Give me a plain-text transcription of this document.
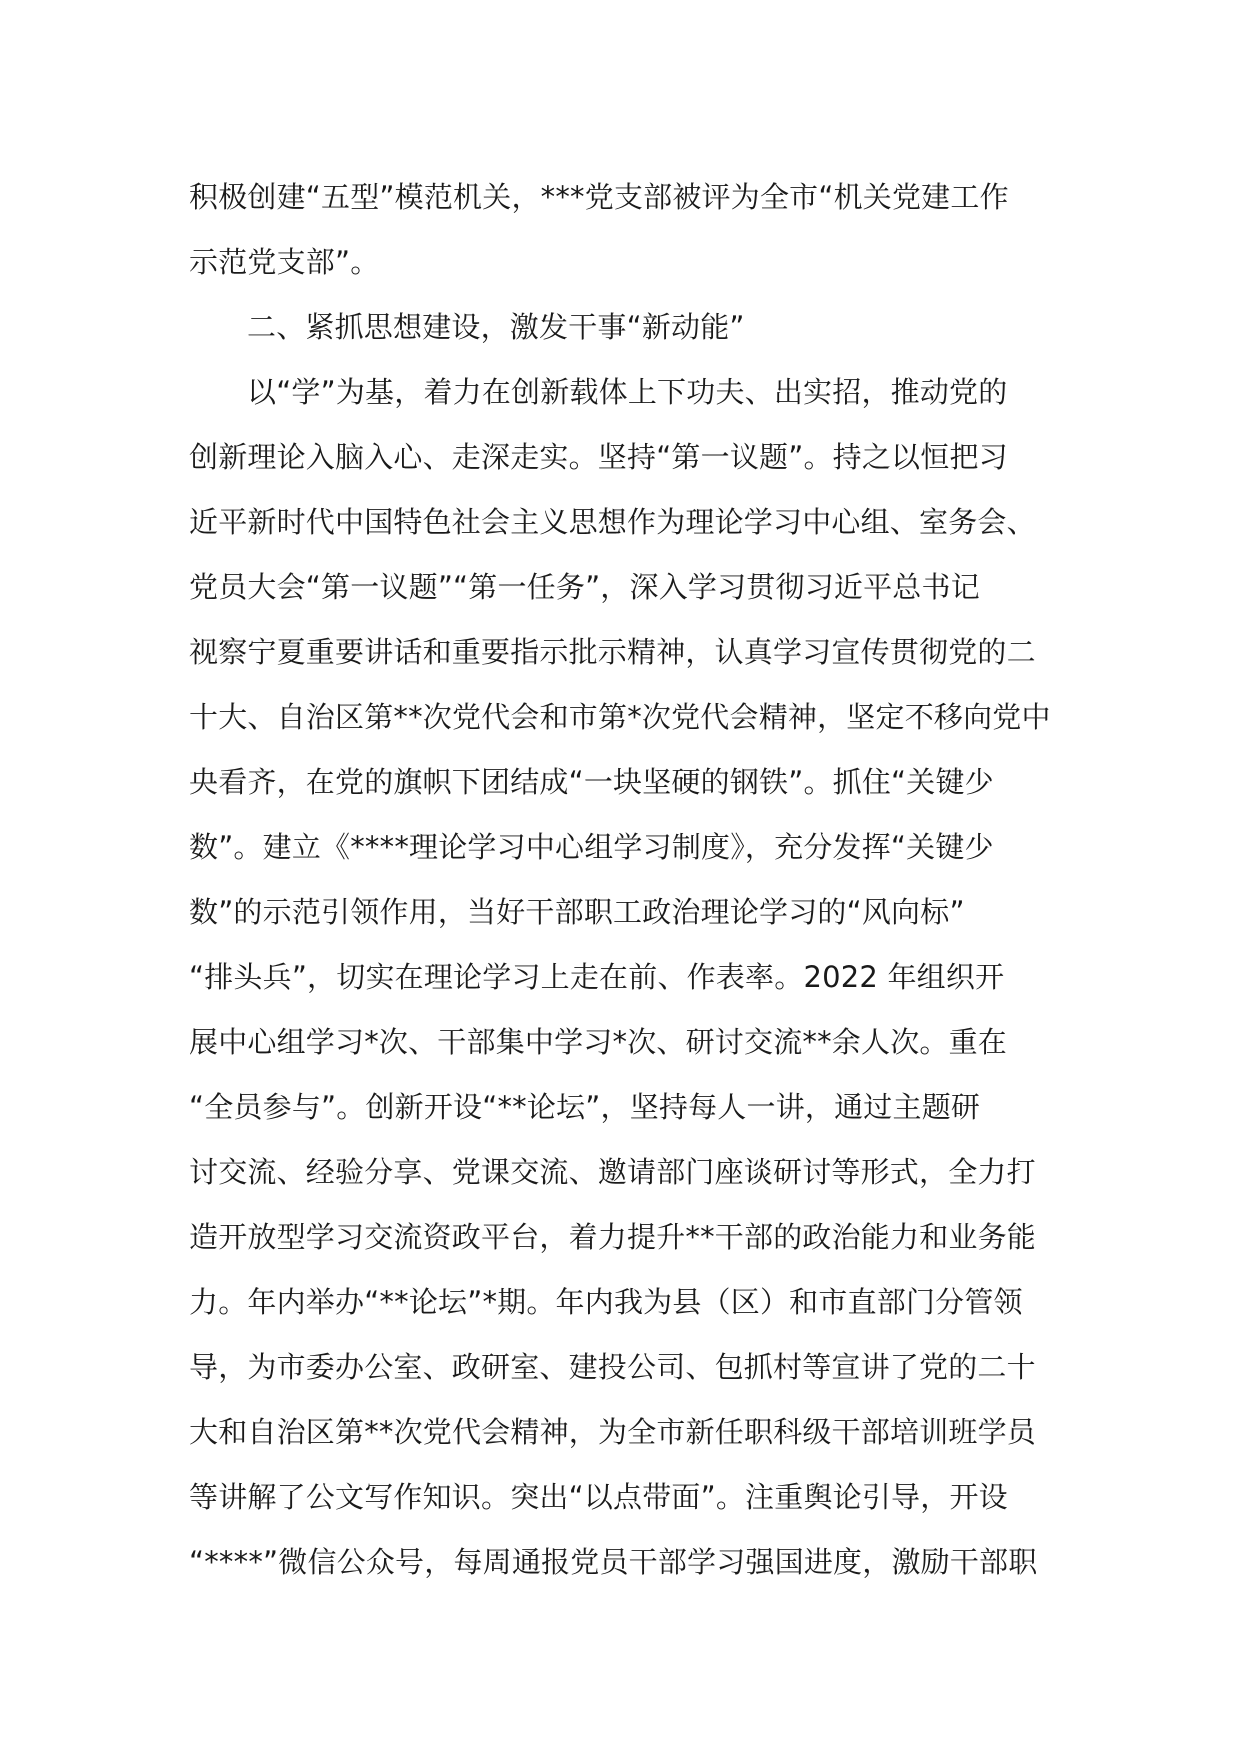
积极创建“五型”模范机关，***党支部被评为全市“机关党建工作
示范党支部”。
二、紧抓思想建设，激发干事“新动能”
以“学”为基，着力在创新载体上下功夫、出实招，推动党的
创新理论入脑入心、走深走实。坚持“第一议题”。持之以恒把习
近平新时代中国特色社会主义思想作为理论学习中心组、室务会、
党员大会“第一议题”“第一任务”，深入学习贯彻习近平总书记
视察宁夏重要讲话和重要指示批示精神，认真学习宣传贯彻党的二
十大、自治区第**次党代会和市第*次党代会精神，坚定不移向党中
央看齐，在党的旗帜下团结成“一块坚硬的钢铁”。抓住“关键少
数”。建立《****理论学习中心组学习制度》，充分发挥“关键少
数”的示范引领作用，当好干部职工政治理论学习的“风向标”
“排头兵”，切实在理论学习上走在前、作表率。2022 年组织开
展中心组学习*次、干部集中学习*次、研讨交流**余人次。重在
“全员参与”。创新开设“**论坛”，坚持每人一讲，通过主题研
讨交流、经验分享、党课交流、邀请部门座谈研讨等形式，全力打
造开放型学习交流资政平台，着力提升**干部的政治能力和业务能
力。年内举办“**论坛”*期。年内我为县（区）和市直部门分管领
导，为市委办公室、政研室、建投公司、包抓村等宣讲了党的二十
大和自治区第**次党代会精神，为全市新任职科级干部培训班学员
等讲解了公文写作知识。突出“以点带面”。注重舆论引导，开设
“****”微信公众号，每周通报党员干部学习强国进度，激励干部职
